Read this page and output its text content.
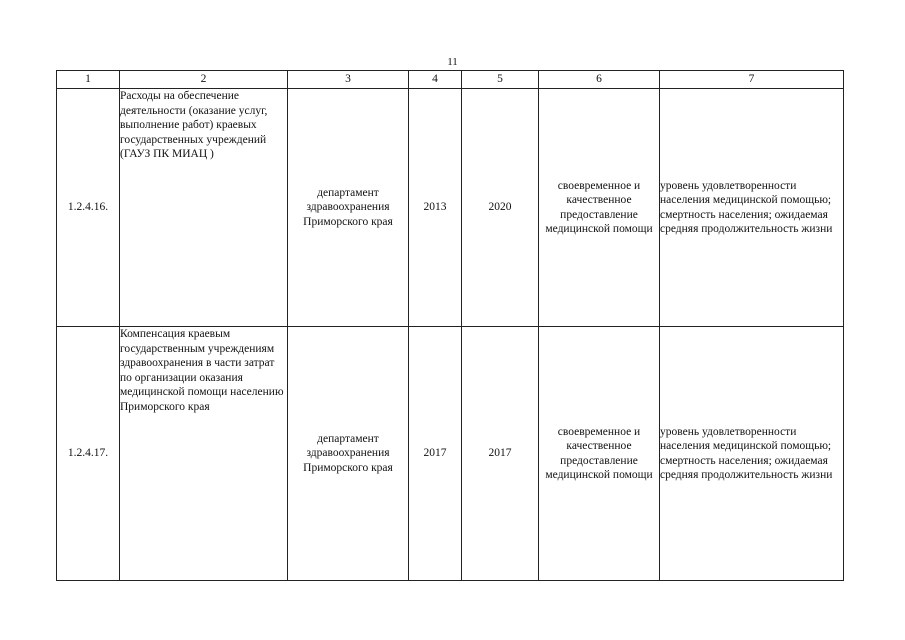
11
1	2	3	4	5	6	7
1.2.4.16.	Расходы на обеспечение деятельности (оказание услуг, выполнение работ) краевых государственных учреждений (ГАУЗ ПК МИАЦ )	департамент здравоохранения Приморского края	2013	2020	своевременное и качественное предоставление медицинской помощи	уровень удовлетворенности населения медицинской помощью; смертность населения; ожидаемая средняя продолжительность жизни
1.2.4.17.	Компенсация краевым государственным учреждениям здравоохранения в части затрат по организации оказания медицинской помощи населению Приморского края	департамент здравоохранения Приморского края	2017	2017	своевременное и качественное предоставление медицинской помощи	уровень удовлетворенности населения медицинской помощью; смертность населения; ожидаемая средняя продолжительность жизни
